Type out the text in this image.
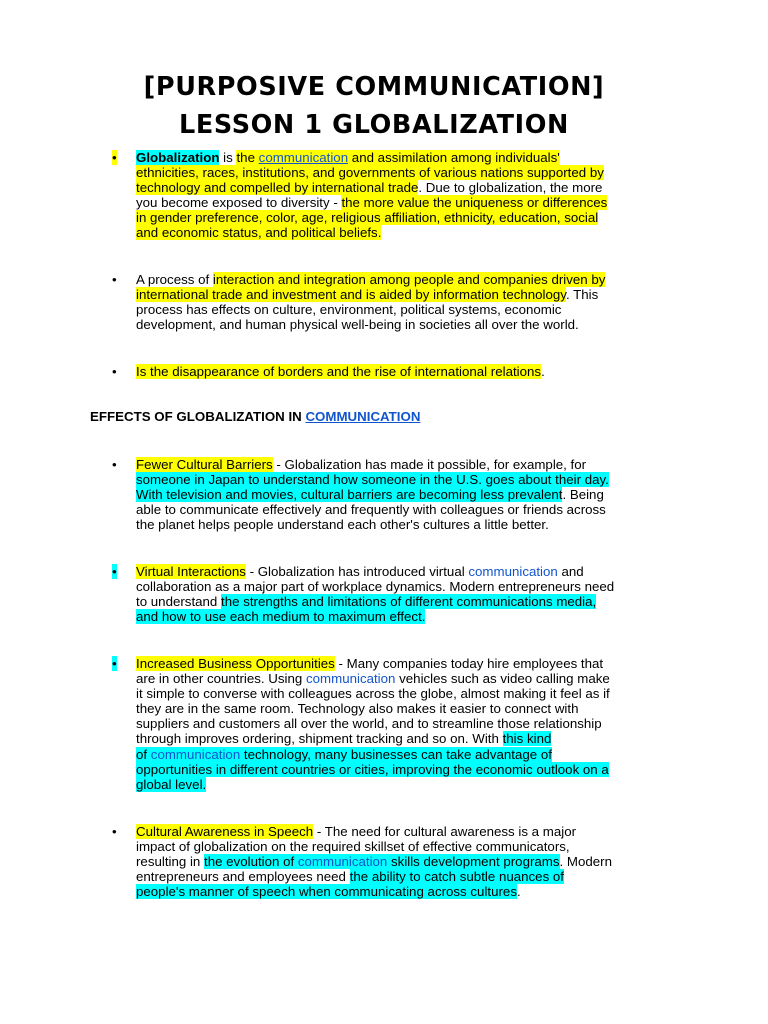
[PURPOSIVE COMMUNICATION]
LESSON 1 GLOBALIZATION
•	Globalization is the communication and assimilation among individuals'

ethnicities, races, institutions, and governments of various nations supported by

technology and compelled by international trade. Due to globalization, the more

you become exposed to diversity - the more value the uniqueness or differences

in gender preference, color, age, religious affiliation, ethnicity, education, social

and economic status, and political beliefs.

•	A process of interaction and integration among people and companies driven by

international trade and investment and is aided by information technology. This

process has effects on culture, environment, political systems, economic

development, and human physical well-being in societies all over the world.

•	Is the disappearance of borders and the rise of international relations.

EFFECTS OF GLOBALIZATION IN COMMUNICATION
•	Fewer Cultural Barriers - Globalization has made it possible, for example, for

someone in Japan to understand how someone in the U.S. goes about their day.

With television and movies, cultural barriers are becoming less prevalent. Being

able to communicate effectively and frequently with colleagues or friends across

the planet helps people understand each other's cultures a little better.

•	Virtual Interactions - Globalization has introduced virtual communication and

collaboration as a major part of workplace dynamics. Modern entrepreneurs need

to understand the strengths and limitations of different communications media,

and how to use each medium to maximum effect.

•	Increased Business Opportunities - Many companies today hire employees that

are in other countries. Using communication vehicles such as video calling make

it simple to converse with colleagues across the globe, almost making it feel as if

they are in the same room. Technology also makes it easier to connect with

suppliers and customers all over the world, and to streamline those relationship

through improves ordering, shipment tracking and so on. With this kind

of communication technology, many businesses can take advantage of

opportunities in different countries or cities, improving the economic outlook on a

global level.

•	Cultural Awareness in Speech - The need for cultural awareness is a major

impact of globalization on the required skillset of effective communicators,

resulting in the evolution of communication skills development programs. Modern

entrepreneurs and employees need the ability to catch subtle nuances of

people's manner of speech when communicating across cultures.
